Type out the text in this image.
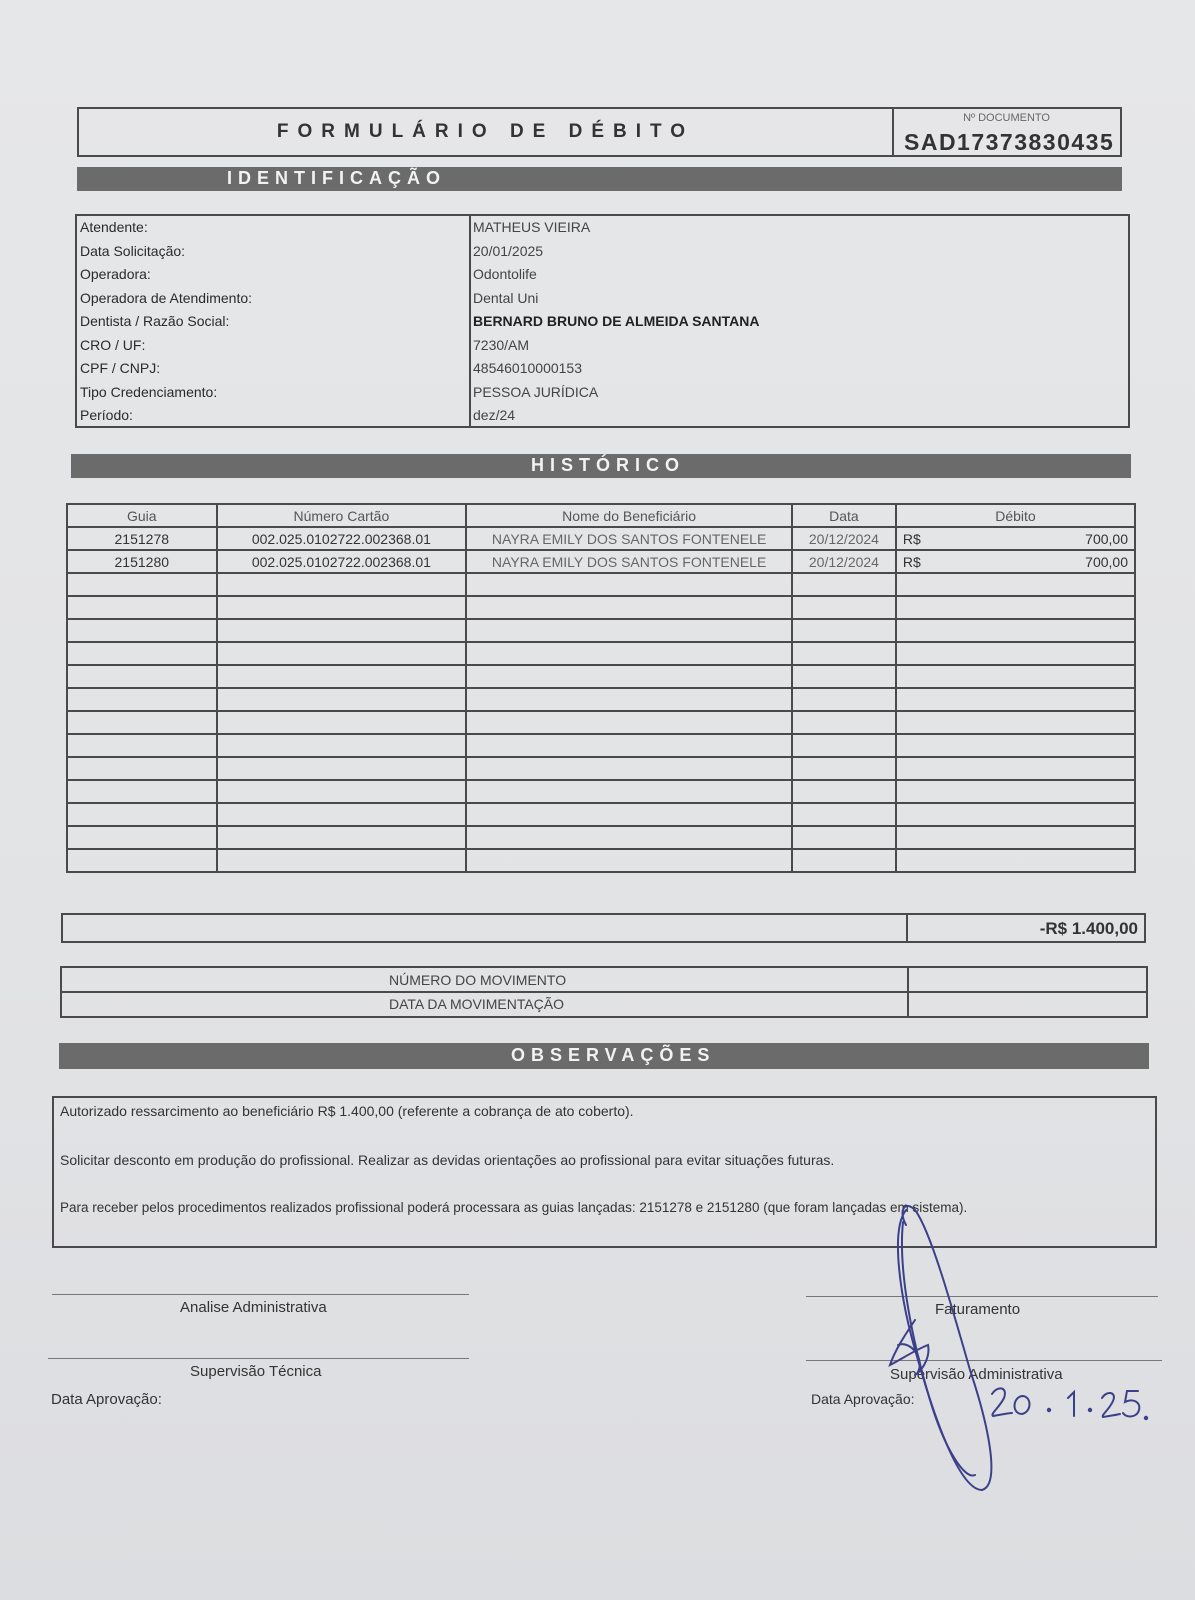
FORMULÁRIO DE DÉBITO
Nº DOCUMENTO
SAD17373830435
IDENTIFICAÇÃO
Atendente:	MATHEUS VIEIRA
Data Solicitação:	20/01/2025
Operadora:	Odontolife
Operadora de Atendimento:	Dental Uni
Dentista / Razão Social:	BERNARD BRUNO DE ALMEIDA SANTANA
CRO / UF:	7230/AM
CPF / CNPJ:	48546010000153
Tipo Credenciamento:	PESSOA JURÍDICA
Período:	dez/24
HISTÓRICO
Guia	Número Cartão	Nome do Beneficiário	Data	Débito
2151278	002.025.0102722.002368.01	NAYRA EMILY DOS SANTOS FONTENELE	20/12/2024	R$ 700,00

2151280	002.025.0102722.002368.01	NAYRA EMILY DOS SANTOS FONTENELE	20/12/2024	R$ 700,00

-R$ 1.400,00
NÚMERO DO MOVIMENTO
DATA DA MOVIMENTAÇÃO
OBSERVAÇÕES

Autorizado ressarcimento ao beneficiário R$ 1.400,00 (referente a cobrança de ato coberto).

Solicitar desconto em produção do profissional. Realizar as devidas orientações ao profissional para evitar situações futuras.

Para receber pelos procedimentos realizados profissional poderá processara as guias lançadas: 2151278 e 2151280 (que foram lançadas em sistema).

Analise Administrativa	Faturamento
Supervisão Técnica	Supervisão Administrativa
Data Aprovação:	Data Aprovação:
